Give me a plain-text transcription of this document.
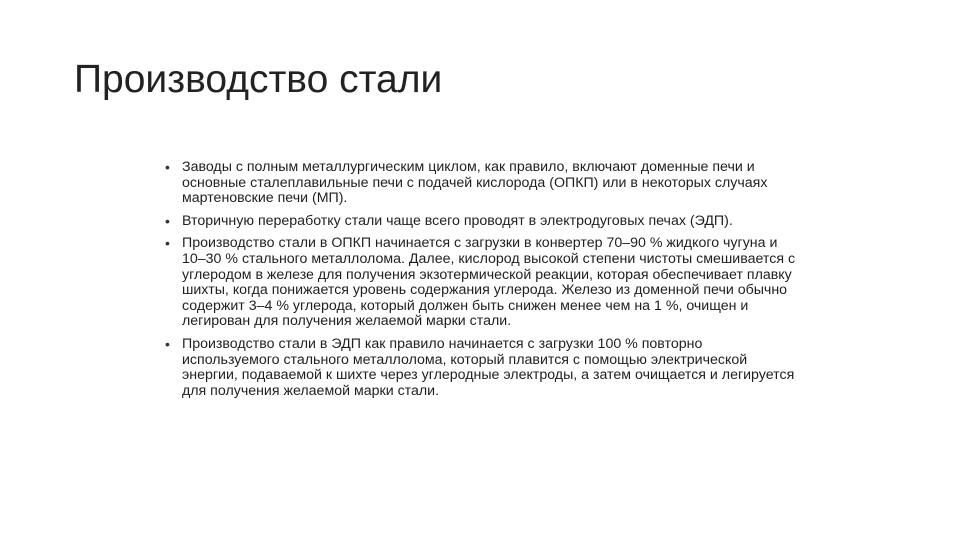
Производство стали
• Заводы с полным металлургическим циклом, как правило, включают доменные печи и основные сталеплавильные печи с подачей кислорода (ОПКП) или в некоторых случаях мартеновские печи (МП).
• Вторичную переработку стали чаще всего проводят в электродуговых печах (ЭДП).
• Производство стали в ОПКП начинается с загрузки в конвертер 70–90 % жидкого чугуна и 10–30 % стального металлолома. Далее, кислород высокой степени чистоты смешивается с углеродом в железе для получения экзотермической реакции, которая обеспечивает плавку шихты, когда понижается уровень содержания углерода. Железо из доменной печи обычно содержит 3–4 % углерода, который должен быть снижен менее чем на 1 %, очищен и легирован для получения желаемой марки стали.
• Производство стали в ЭДП как правило начинается с загрузки 100 % повторно используемого стального металлолома, который плавится с помощью электрической энергии, подаваемой к шихте через углеродные электроды, а затем очищается и легируется для получения желаемой марки стали.
